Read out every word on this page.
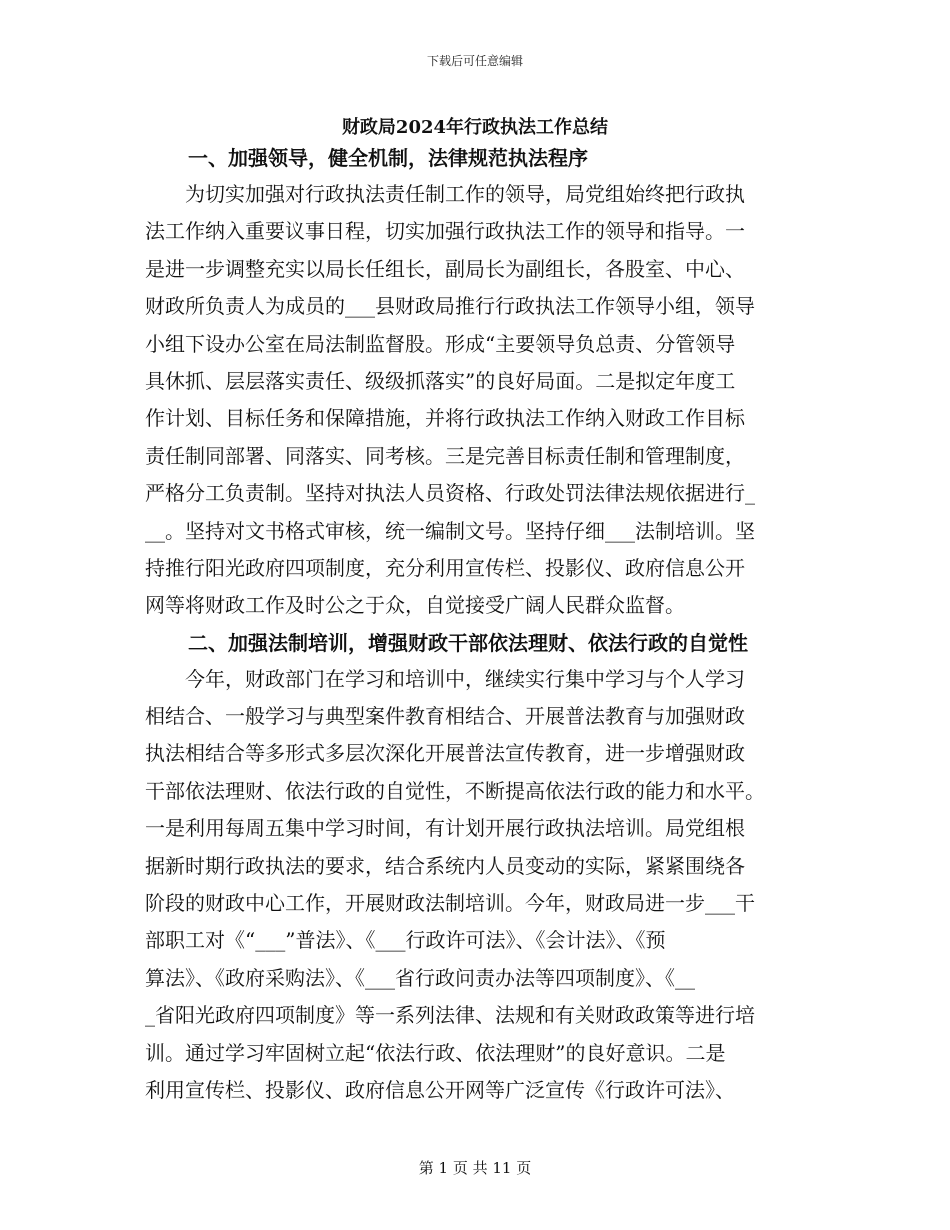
下载后可任意编辑
财政局2024年行政执法工作总结
一、加强领导，健全机制，法律规范执法程序
　　为切实加强对行政执法责任制工作的领导，局党组始终把行政执
法工作纳入重要议事日程，切实加强行政执法工作的领导和指导。一
是进一步调整充实以局长任组长，副局长为副组长，各股室、中心、
财政所负责人为成员的___县财政局推行行政执法工作领导小组，领导
小组下设办公室在局法制监督股。形成“主要领导负总责、分管领导
具休抓、层层落实责任、级级抓落实”的良好局面。二是拟定年度工
作计划、目标任务和保障措施，并将行政执法工作纳入财政工作目标
责任制同部署、同落实、同考核。三是完善目标责任制和管理制度，
严格分工负责制。坚持对执法人员资格、行政处罚法律法规依据进行_
__。坚持对文书格式审核，统一编制文号。坚持仔细___法制培训。坚
持推行阳光政府四项制度，充分利用宣传栏、投影仪、政府信息公开
网等将财政工作及时公之于众，自觉接受广阔人民群众监督。
二、加强法制培训，增强财政干部依法理财、依法行政的自觉性
　　今年，财政部门在学习和培训中，继续实行集中学习与个人学习
相结合、一般学习与典型案件教育相结合、开展普法教育与加强财政
执法相结合等多形式多层次深化开展普法宣传教育，进一步增强财政
干部依法理财、依法行政的自觉性，不断提高依法行政的能力和水平。
一是利用每周五集中学习时间，有计划开展行政执法培训。局党组根
据新时期行政执法的要求，结合系统内人员变动的实际，紧紧围绕各
阶段的财政中心工作，开展财政法制培训。今年，财政局进一步___干
部职工对《“___”普法》、《___行政许可法》、《会计法》、《预
算法》、《政府采购法》、《___省行政问责办法等四项制度》、《__
_省阳光政府四项制度》等一系列法律、法规和有关财政政策等进行培
训。通过学习牢固树立起“依法行政、依法理财”的良好意识。二是
利用宣传栏、投影仪、政府信息公开网等广泛宣传《行政许可法》、
第 1 页 共 11 页
